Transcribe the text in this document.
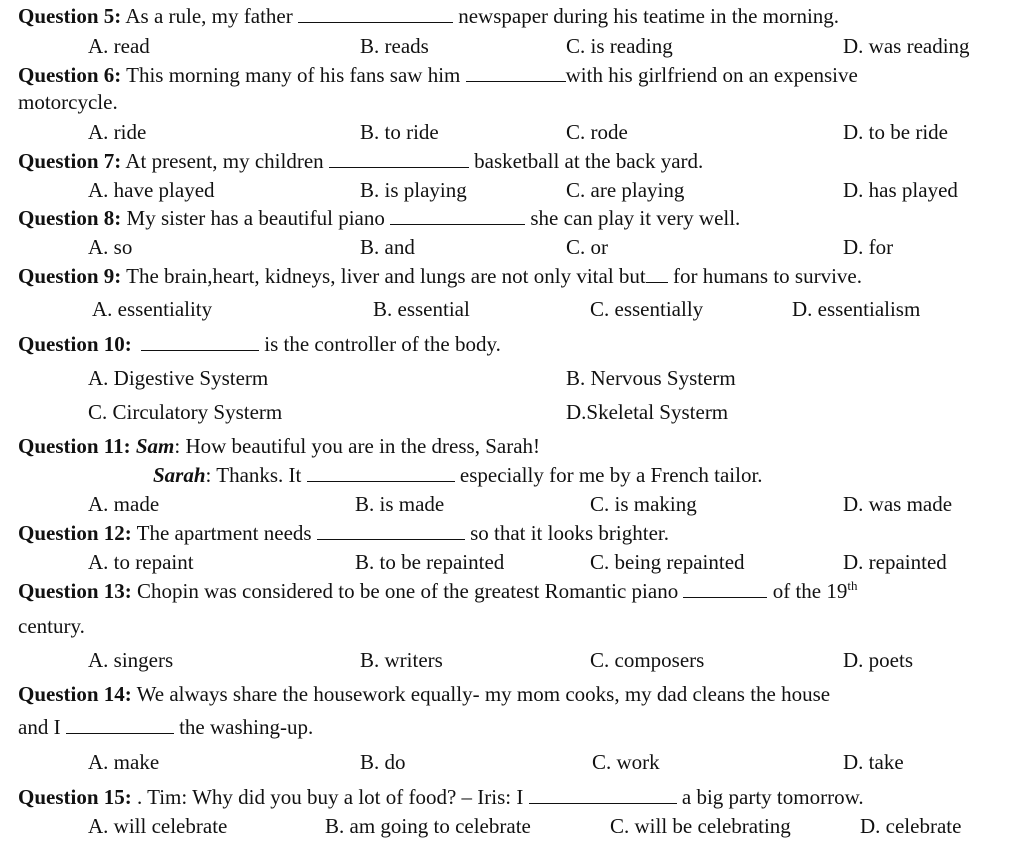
Question 5: As a rule, my father	newspaper during his teatime in the morning.
A. read	B. reads	C. is reading	D. was reading
Question 6: This morning many of his fans saw him	with his girlfriend on an expensive
motorcycle.
A. ride	B. to ride	C. rode	D. to be ride
Question 7: At present, my children	basketball at the back yard.
A. have played	B. is playing	C. are playing	D. has played
Question 8: My sister has a beautiful piano	she can play it very well.
A. so	B. and	C. or	D. for
Question 9: The brain,heart, kidneys, liver and lungs are not only vital but for humans to survive.
A. essentiality	B. essential	C. essentially	D. essentialism
Question 10:	is the controller of the body.
A. Digestive Systerm	B. Nervous Systerm
C. Circulatory Systerm	D.Skeletal Systerm
Question 11: Sam: How beautiful you are in the dress, Sarah!
Sarah: Thanks. It	especially for me by a French tailor.
A. made	B. is made	C. is making	D. was made
Question 12: The apartment needs	so that it looks brighter.
A. to repaint	B. to be repainted	C. being repainted	D. repainted
Question 13: Chopin was considered to be one of the greatest Romantic piano	of the 19th
century.
A. singers	B. writers	C. composers	D. poets
Question 14: We always share the housework equally- my mom cooks, my dad cleans the house
and I	the washing-up.
A. make	B. do	C. work	D. take
Question 15: . Tim: Why did you buy a lot of food? – Iris: I	a big party tomorrow.
A. will celebrate	B. am going to celebrate	C. will be celebrating	D. celebrate
